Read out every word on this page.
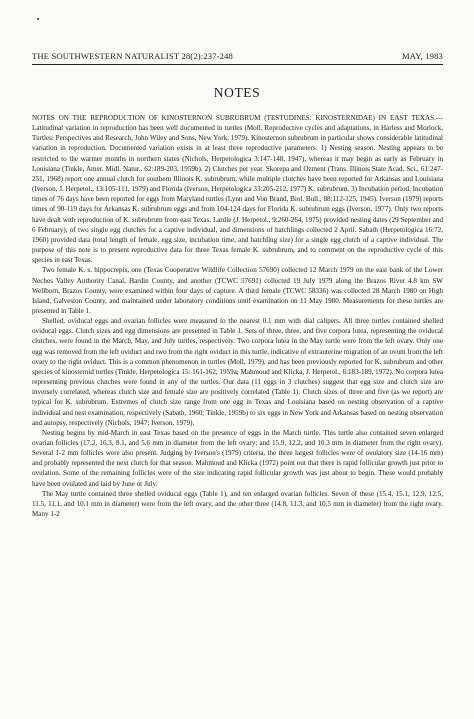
THE SOUTHWESTERN NATURALIST 28(2):237-248	MAY, 1983
NOTES

NOTES ON THE REPRODUCTION OF KINOSTERNON SUBRUBRUM (TESTUDINES: KINOSTERNIDAE) IN EAST TEXAS.—Latitudinal variation in reproduction has been well documented in turtles (Moll, Reproductive cycles and adaptations, in Harless and Morlock, Turtles: Perspectives and Research, John Wiley and Sons, New York, 1979). Kinosternon subrubrum in particular shows considerable latitudinal variation in reproduction. Documented variation exists in at least three reproductive parameters: 1) Nesting season. Nesting appears to be restricted to the warmer months in northern states (Nichols, Herpetologica 3:147-148, 1947), whereas it may begin as early as February in Louisiana (Tinkle, Amer. Midl. Natur., 62:189-203, 1959b). 2) Clutches per year. Skorepa and Ozment (Trans. Illinois State Acad. Sci., 61:247-251, 1968) report one annual clutch for southern Illinois K. subrubrum, while multiple clutches have been reported for Arkansas and Louisiana (Iverson, J. Herpetol., 13:105-111, 1979) and Florida (Iverson, Herpetologica 33:205-212, 1977) K. subrubrum. 3) Incubation period. Incubation times of 76 days have been reported for eggs from Maryland turtles (Lynn and Von Brand, Biol. Bull., 88:112-125, 1945). Iverson (1979) reports times of 90-119 days for Arkansas K. subrubrum eggs and from 104-124 days for Florida K. subrubrum eggs (Iverson, 1977). Only two reports have dealt with reproduction of K. subrubrum from east Texas. Lardie (J. Herpetol., 9:260-264, 1975) provided nesting dates (29 September and 6 February), of two single egg clutches for a captive individual, and dimensions of hatchlings collected 2 April. Sabath (Herpetologica 16:72, 1960) provided data (total length of female, egg size, incubation time, and hatchling size) for a single egg clutch of a captive individual. The purpose of this note is to present reproductive data for three Texas female K. subrubrum, and to comment on the reproductive cycle of this species in east Texas.

Two female K. s. hippocrepis, one (Texas Cooperative Wildlife Collection 57690) collected 12 March 1979 on the east bank of the Lower Neches Valley Authority Canal, Hardin County, and another (TCWC 57691) collected 19 July 1979 along the Brazos River 4.8 km SW Wellborn, Brazos County, were examined within four days of capture. A third female (TCWC 58336) was collected 28 March 1980 on High Island, Galveston County, and maintained under laboratory conditions until examination on 11 May 1980. Measurements for these turtles are presented in Table 1.

Shelled, oviducal eggs and ovarian follicles were measured to the nearest 0.1 mm with dial calipers. All three turtles contained shelled oviducal eggs. Clutch sizes and egg dimensions are presented in Table 1. Sets of three, three, and five corpora lutea, representing the oviducal clutches, were found in the March, May, and July turtles, respectively. Two corpora lutea in the May turtle were from the left ovary. Only one egg was removed from the left oviduct and two from the right oviduct in this turtle, indicative of extrauterine migration of an ovum from the left ovary to the right oviduct. This is a common phenomenon in turtles (Moll, 1979), and has been previously reported for K. subrubrum and other species of kinosternid turtles (Tinkle, Herpetologica 15: 161-162, 1959a; Mahmoud and Klicka, J. Herpetol., 6:183-189, 1972). No corpora lutea representing previous clutches were found in any of the turtles. Our data (11 eggs in 3 clutches) suggest that egg size and clutch size are inversely correlated, whereas clutch size and female size are positively correlated (Table 1). Clutch sizes of three and five (as we report) are typical for K. subrubrum. Extremes of clutch size range from one egg in Texas and Louisiana based on nesting observation of a captive individual and nest examination, respectively (Sabath, 1960; Tinkle, 1959b) to six eggs in New York and Arkansas based on nesting observation and autopsy, respectively (Nichols, 1947; Iverson, 1979).

Nesting begins by mid-March in east Texas based on the presence of eggs in the March turtle. This turtle also contained seven enlarged ovarian follicles (17.2, 16.3, 8.1, and 5.6 mm in diameter from the left ovary; and 15.9, 12.2, and 10.3 mm in diameter from the right ovary). Several 1-2 mm follicles were also present. Judging by Iverson's (1979) criteria, the three largest follicles were of ovulatory size (14-16 mm) and probably represented the next clutch for that season. Mahmoud and Klicka (1972) point out that there is rapid follicular growth just prior to ovulation. Some of the remaining follicles were of the size indicating rapid follicular growth was just about to begin. These would probably have been ovulated and laid by June or July.

The May turtle contained three shelled oviducal eggs (Table 1), and ten enlarged ovarian follicles. Seven of these (15.4, 15.1, 12.9, 12.5, 11.5, 11.1, and 10.1 mm in diameter) were from the left ovary, and the other three (14.8, 11.3, and 10.5 mm in diameter) from the right ovary. Many 1-2
